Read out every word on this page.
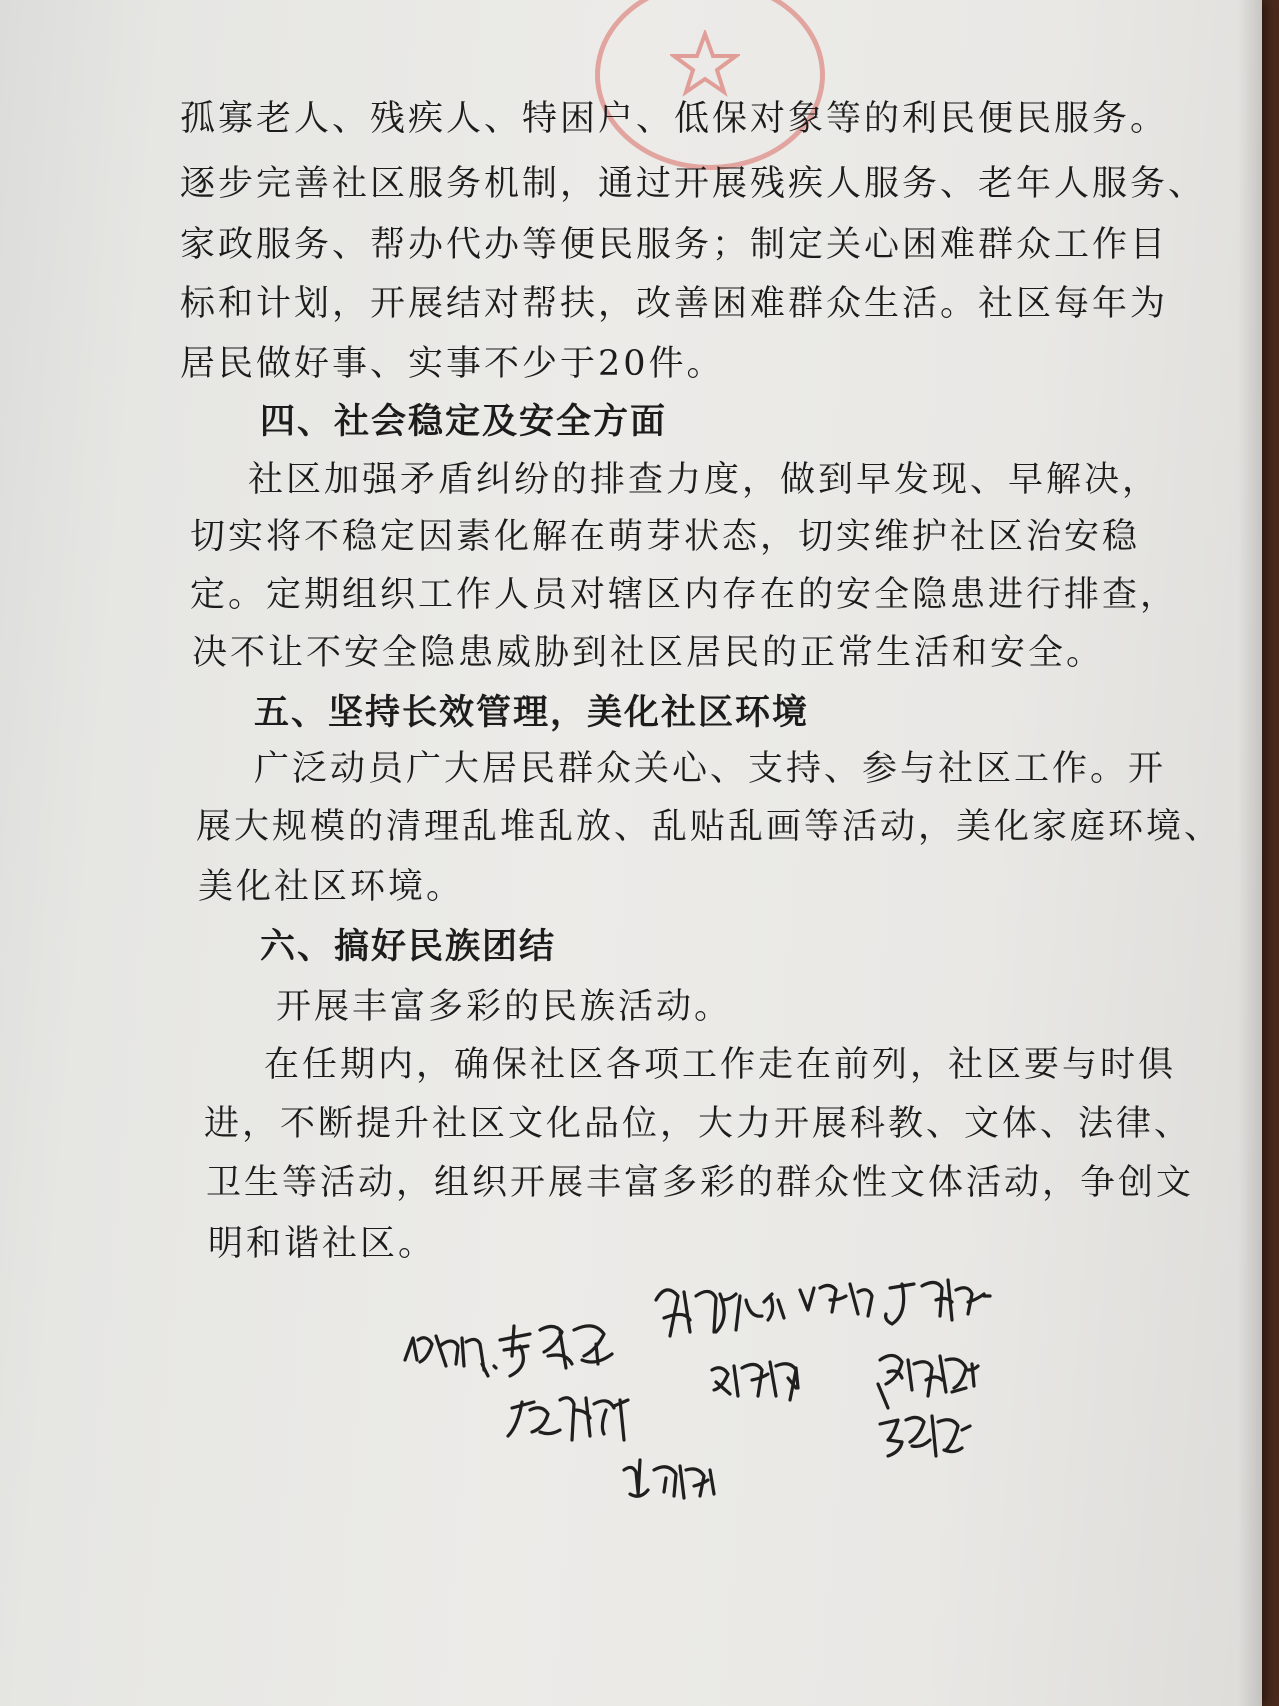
孤寡老人、残疾人、特困户、低保对象等的利民便民服务。
逐步完善社区服务机制，通过开展残疾人服务、老年人服务、
家政服务、帮办代办等便民服务；制定关心困难群众工作目
标和计划，开展结对帮扶，改善困难群众生活。社区每年为
居民做好事、实事不少于20件。
四、社会稳定及安全方面
社区加强矛盾纠纷的排查力度，做到早发现、早解决，
切实将不稳定因素化解在萌芽状态，切实维护社区治安稳
定。定期组织工作人员对辖区内存在的安全隐患进行排查，
决不让不安全隐患威胁到社区居民的正常生活和安全。
五、坚持长效管理，美化社区环境
广泛动员广大居民群众关心、支持、参与社区工作。开
展大规模的清理乱堆乱放、乱贴乱画等活动，美化家庭环境、
美化社区环境。
六、搞好民族团结
开展丰富多彩的民族活动。
在任期内，确保社区各项工作走在前列，社区要与时俱
进，不断提升社区文化品位，大力开展科教、文体、法律、
卫生等活动，组织开展丰富多彩的群众性文体活动，争创文
明和谐社区。
